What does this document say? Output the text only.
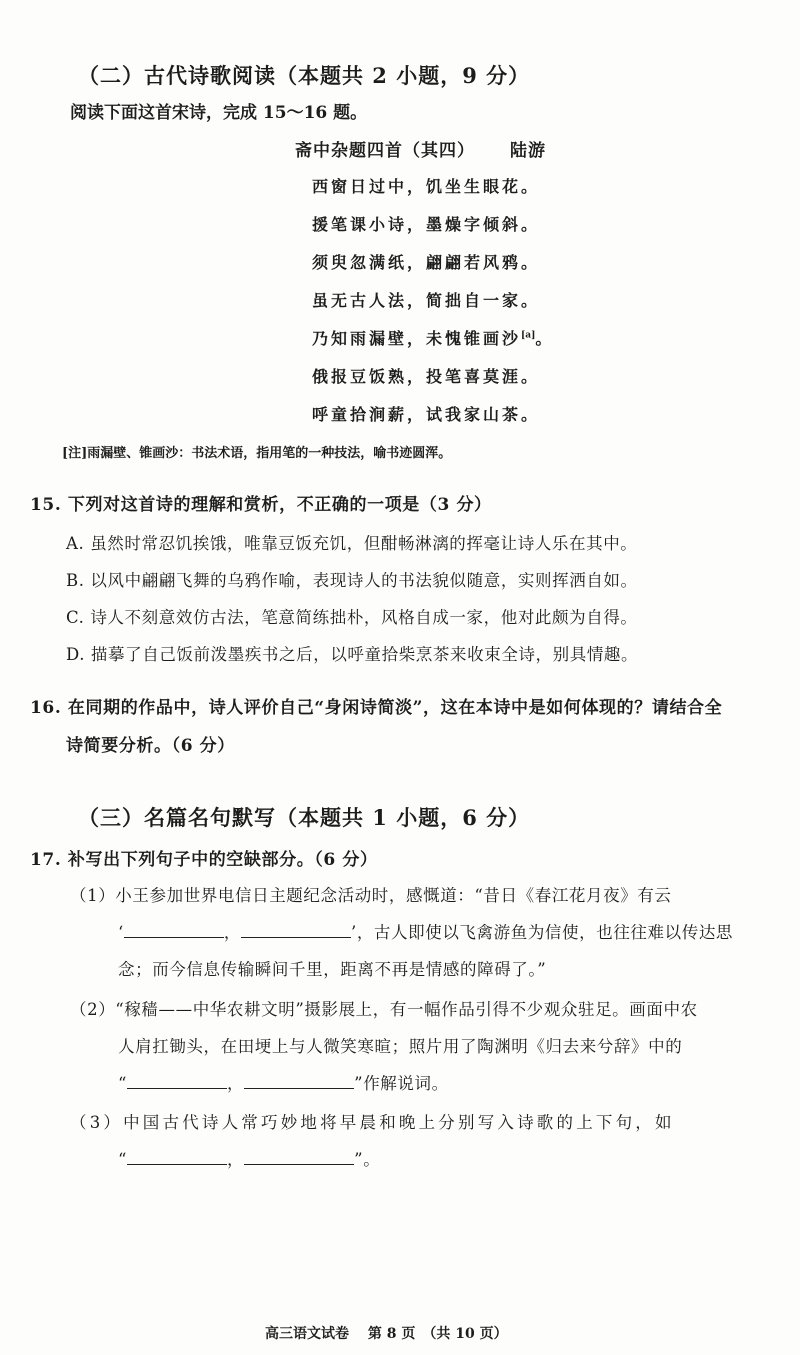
（二）古代诗歌阅读（本题共 2 小题，9 分）
阅读下面这首宋诗，完成 15～16 题。
斋中杂题四首（其四） 陆游
西窗日过中，饥坐生眼花。
援笔课小诗，墨燥字倾斜。
须臾忽满纸，翩翩若风鸦。
虽无古人法，简拙自一家。
乃知雨漏壁，未愧锥画沙[a]。
俄报豆饭熟，投笔喜莫涯。
呼童拾涧薪，试我家山茶。
[注]雨漏壁、锥画沙：书法术语，指用笔的一种技法，喻书迹圆浑。
15. 下列对这首诗的理解和赏析，不正确的一项是（3 分）
A. 虽然时常忍饥挨饿，唯靠豆饭充饥，但酣畅淋漓的挥毫让诗人乐在其中。
B. 以风中翩翩飞舞的乌鸦作喻，表现诗人的书法貌似随意，实则挥洒自如。
C. 诗人不刻意效仿古法，笔意简练拙朴，风格自成一家，他对此颇为自得。
D. 描摹了自己饭前泼墨疾书之后，以呼童拾柴烹茶来收束全诗，别具情趣。
16. 在同期的作品中，诗人评价自己“身闲诗简淡”，这在本诗中是如何体现的？请结合全
诗简要分析。（6 分）
（三）名篇名句默写（本题共 1 小题，6 分）
17. 补写出下列句子中的空缺部分。（6 分）
（1）小王参加世界电信日主题纪念活动时，感慨道：“昔日《春江花月夜》有云
‘	，	’，古人即使以飞禽游鱼为信使，也往往难以传达思
念；而今信息传输瞬间千里，距离不再是情感的障碍了。”
（2）“稼穑——中华农耕文明”摄影展上，有一幅作品引得不少观众驻足。画面中农
人肩扛锄头，在田埂上与人微笑寒暄；照片用了陶渊明《归去来兮辞》中的
“	，	”作解说词。
（3）中国古代诗人常巧妙地将早晨和晚上分别写入诗歌的上下句，如
“	，	”。
高三语文试卷　 第 8 页　（共 10 页）
